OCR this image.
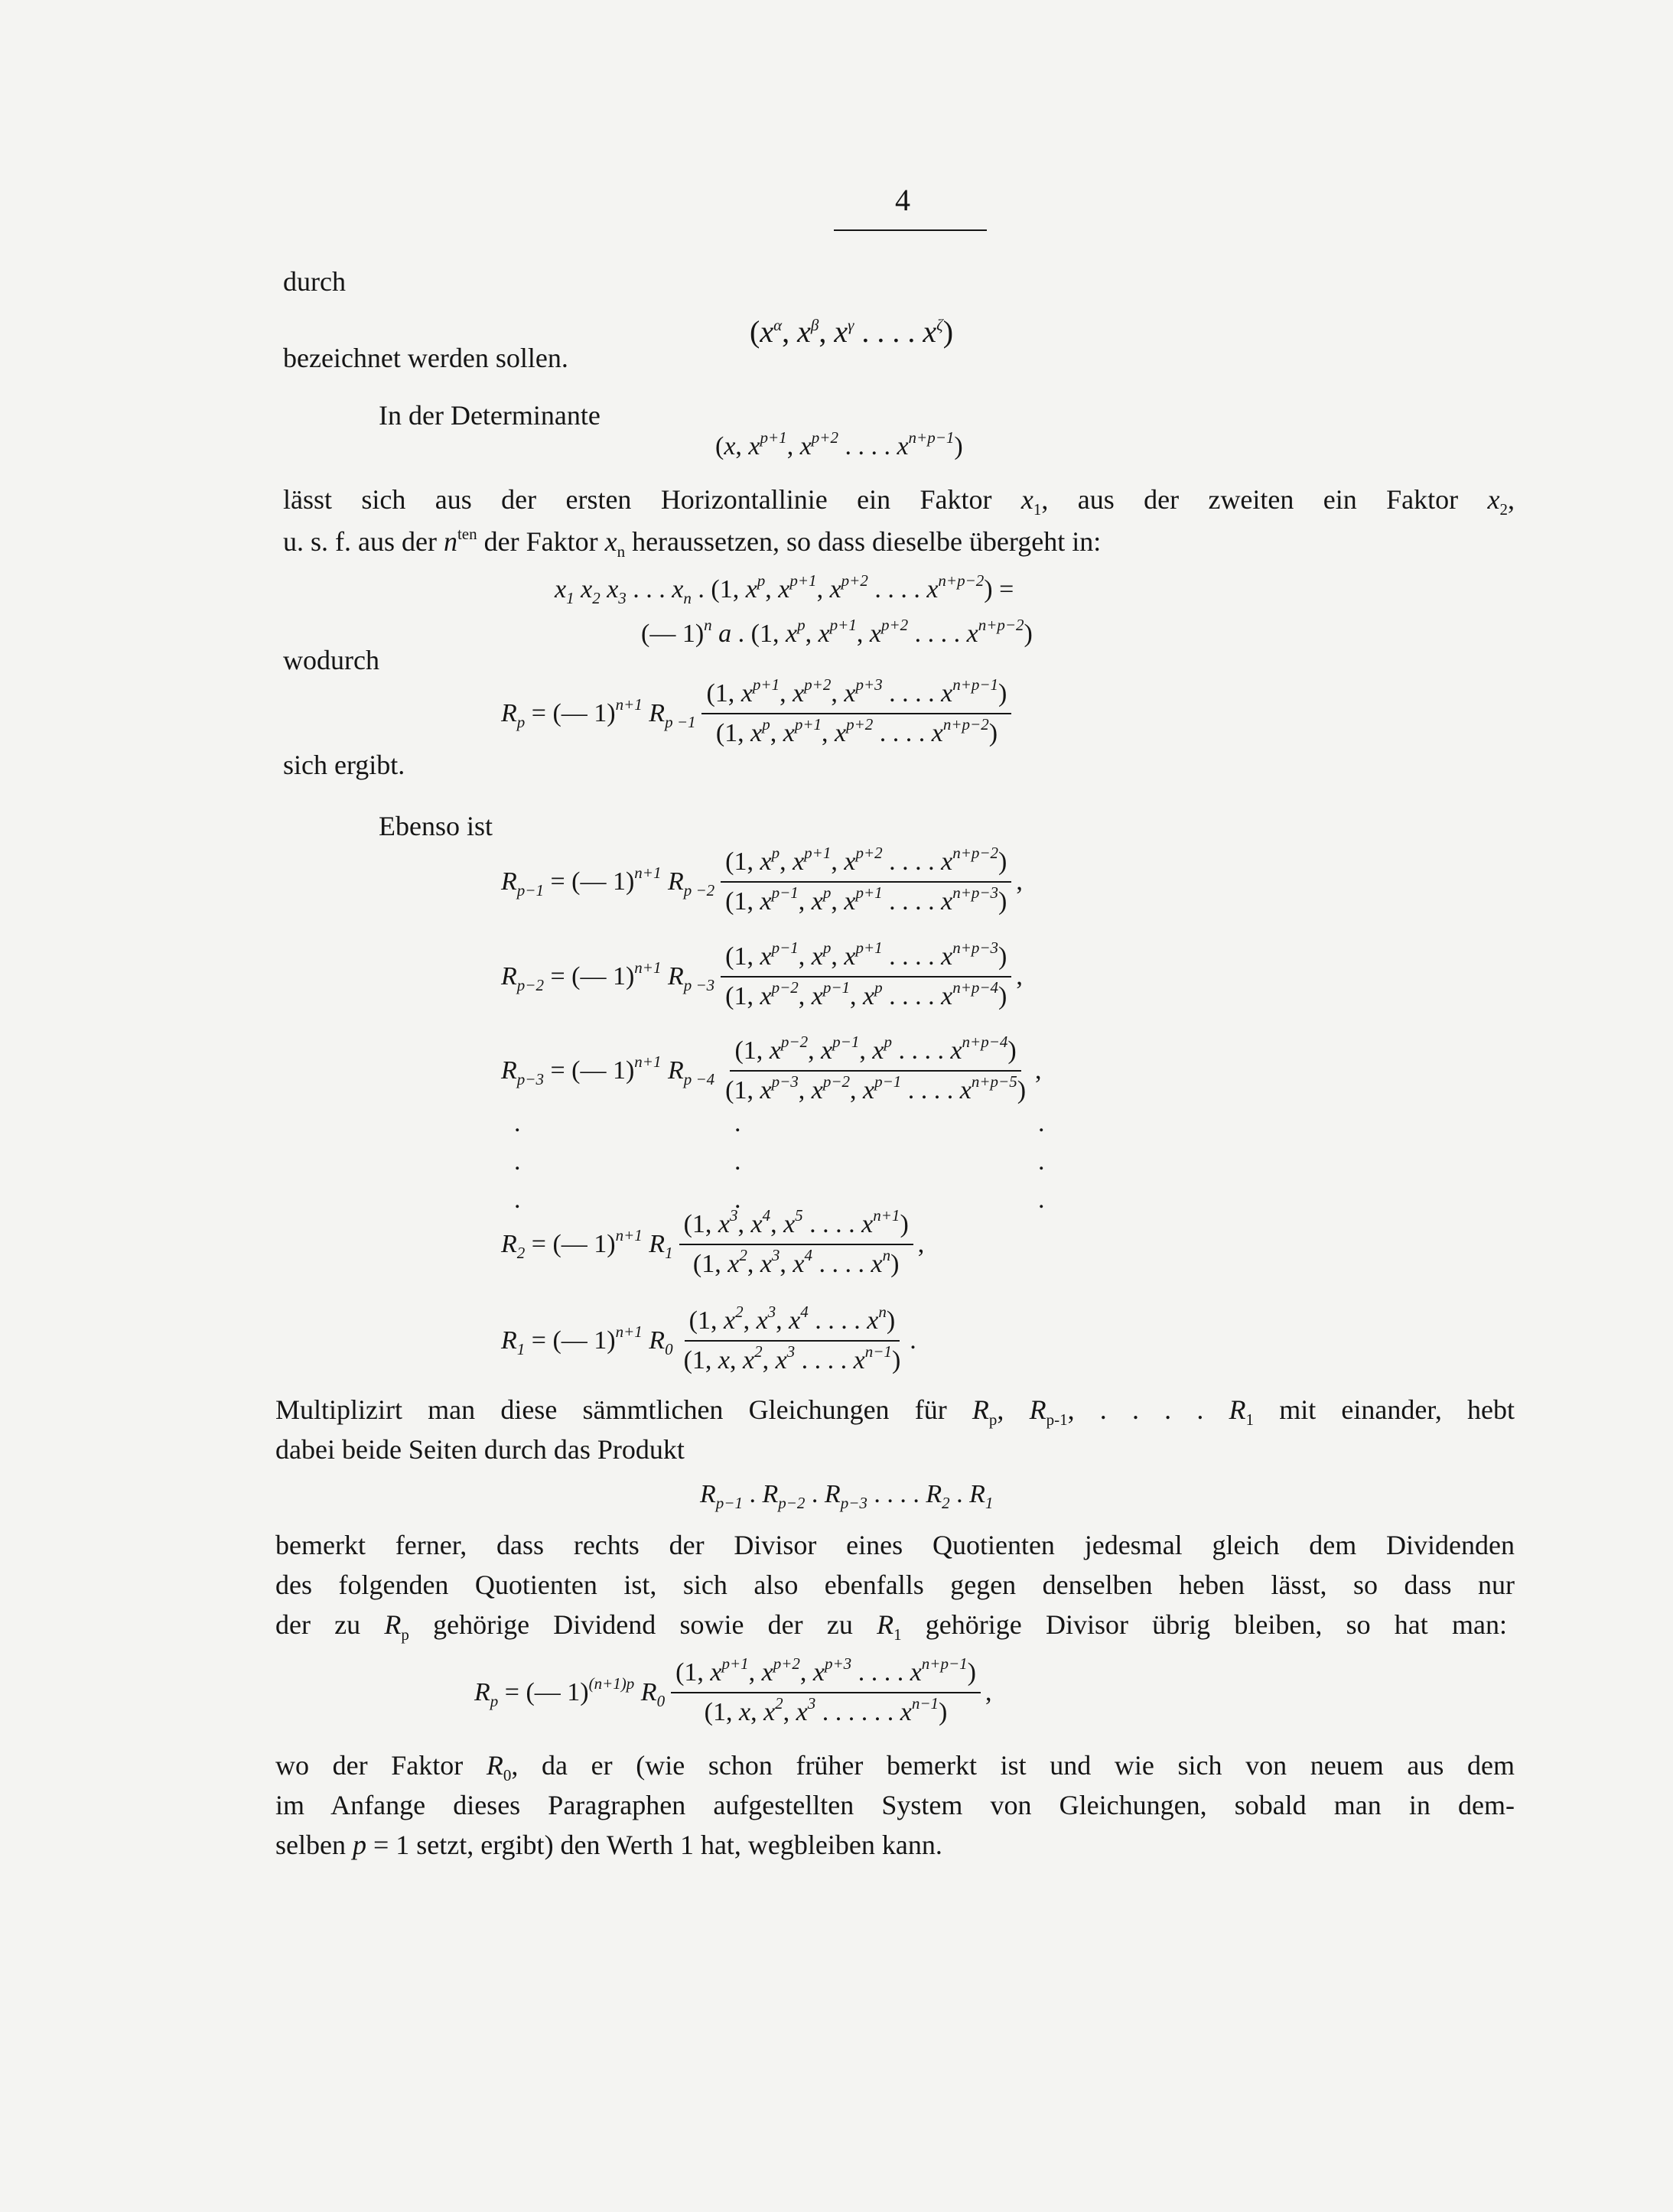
4
durch
($x^\alpha$, $x^\beta$, $x^\gamma$ . . . . $x^\zeta$)
bezeichnet werden sollen.
In der Determinante
(x, $x^{p+1}$, $x^{p+2}$ . . . . $x^{n+p-1}$)
lässt sich aus der ersten Horizontallinie ein Faktor $x_1$, aus der zweiten ein Faktor $x_2$,
u. s. f. aus der $n^{ten}$ der Faktor $x_n$ heraussetzen, so dass dieselbe übergeht in:
$x_1$ $x_2$ $x_3$ . . . $x_n$ . (1, $x^p$, $x^{p+1}$, $x^{p+2}$ . . . . $x^{n+p-2}$) =
(— 1)$^n$ a . (1, $x^p$, $x^{p+1}$, $x^{p+2}$ . . . . $x^{n+p-2}$)
wodurch
$R_p$ = (— 1)$^{n+1}$ $R_{p -1} \frac{(1, x^{p+1}, x^{p+2}, x^{p+3} . . . . x^{n+p-1})}{(1, x^p, x^{p+1}, x^{p+2} . . . . x^{n+p-2})}$
sich ergibt.
Ebenso ist
$R_{p-1}$ = (— 1)$^{n+1}$ $R_{p -2} \frac{(1, x^p, x^{p+1}, x^{p+2} . . . . x^{n+p-2})}{(1, x^{p-1}, x^p, x^{p+1} . . . . x^{n+p-3})}$ ,
$R_{p-2}$ = (— 1)$^{n+1}$ $R_{p -3} \frac{(1, x^{p-1}, x^p, x^{p+1} . . . . x^{n+p-3})}{(1, x^{p-2}, x^{p-1}, x^p . . . . x^{n+p-4})}$ ,
$R_{p-3}$ = (— 1)$^{n+1}$ $R_{p -4} \frac{(1, x^{p-2}, x^{p-1}, x^p . . . . x^{n+p-4})}{(1, x^{p-3}, x^{p-2}, x^{p-1} . . . . x^{n+p-5})}$ ,
.
.
.
.
.
.
.
.
.
$R_2$ = (— 1)$^{n+1}$ $R_1 \frac{(1, x^3, x^4, x^5 . . . . x^{n+1})}{(1, x^2, x^3, x^4 . . . . x^n)}$ ,
$R_1$ = (— 1)$^{n+1}$ $R_0 \frac{(1, x^2, x^3, x^4 . . . . x^n)}{(1, x, x^2, x^3 . . . . x^{n-1})}$ .
Multiplizirt man diese sämmtlichen Gleichungen für $R_p$, $R_{p-1}$, . . . . $R_1$ mit einander, hebt
dabei beide Seiten durch das Produkt
$R_{p-1}$ . $R_{p-2}$ . $R_{p-3}$ . . . . $R_2$ . $R_1$
bemerkt ferner, dass rechts der Divisor eines Quotienten jedesmal gleich dem Dividenden
des folgenden Quotienten ist, sich also ebenfalls gegen denselben heben lässt, so dass nur
der zu $R_p$ gehörige Dividend sowie der zu $R_1$ gehörige Divisor übrig bleiben, so hat man:
$R_p$ = (— 1)$^{(n+1)p}$ $R_0 \frac{(1, x^{p+1}, x^{p+2}, x^{p+3} . . . . x^{n+p-1})}{(1, x, x^2, x^3 . . . . . . x^{n-1})}$ ,
wo der Faktor $R_0$, da er (wie schon früher bemerkt ist und wie sich von neuem aus dem
im Anfange dieses Paragraphen aufgestellten System von Gleichungen, sobald man in dem-
selben p = 1 setzt, ergibt) den Werth 1 hat, wegbleiben kann.
